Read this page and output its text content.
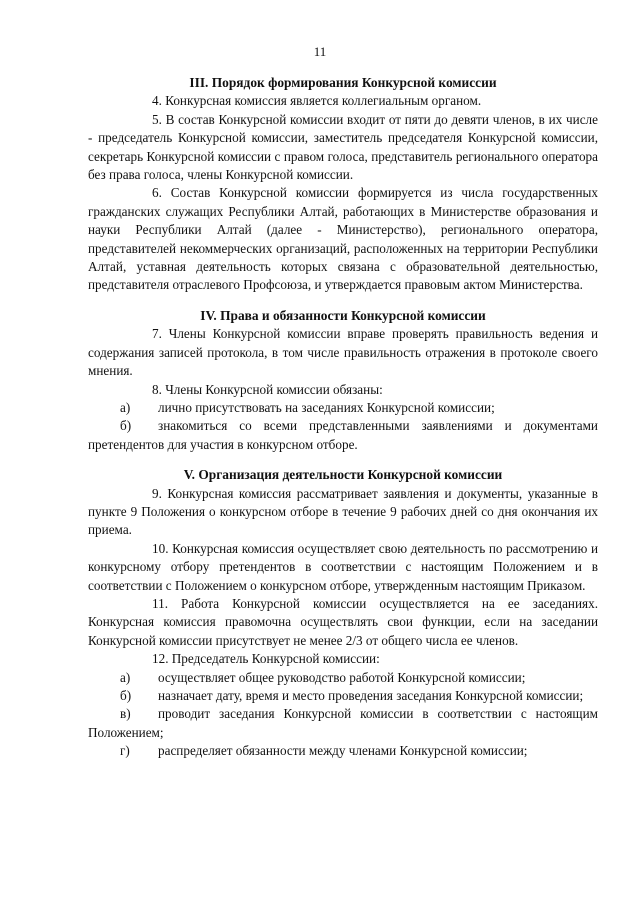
11
III. Порядок формирования Конкурсной комиссии

4. Конкурсная комиссия является коллегиальным органом.

5. В состав Конкурсной комиссии входит от пяти до девяти членов, в их числе - председатель Конкурсной комиссии, заместитель председателя Конкурсной комиссии, секретарь Конкурсной комиссии с правом голоса, представитель регионального оператора без права голоса, члены Конкурсной комиссии.

6. Состав Конкурсной комиссии формируется из числа государственных гражданских служащих Республики Алтай, работающих в Министерстве образования и науки Республики Алтай (далее - Министерство), регионального оператора, представителей некоммерческих организаций, расположенных на территории Республики Алтай, уставная деятельность которых связана с образовательной деятельностью, представителя отраслевого Профсоюза, и утверждается правовым актом Министерства.

IV. Права и обязанности Конкурсной комиссии

7. Члены Конкурсной комиссии вправе проверять правильность ведения и содержания записей протокола, в том числе правильность отражения в протоколе своего мнения.

8. Члены Конкурсной комиссии обязаны:

а) лично присутствовать на заседаниях Конкурсной комиссии;

б) знакомиться со всеми представленными заявлениями и документами претендентов для участия в конкурсном отборе.

V. Организация деятельности Конкурсной комиссии

9. Конкурсная комиссия рассматривает заявления и документы, указанные в пункте 9 Положения о конкурсном отборе в течение 9 рабочих дней со дня окончания их приема.

10. Конкурсная комиссия осуществляет свою деятельность по рассмотрению и конкурсному отбору претендентов в соответствии с настоящим Положением и в соответствии с Положением о конкурсном отборе, утвержденным настоящим Приказом.

11. Работа Конкурсной комиссии осуществляется на ее заседаниях. Конкурсная комиссия правомочна осуществлять свои функции, если на заседании Конкурсной комиссии присутствует не менее 2/3 от общего числа ее членов.

12. Председатель Конкурсной комиссии:

а) осуществляет общее руководство работой Конкурсной комиссии;

б) назначает дату, время и место проведения заседания Конкурсной комиссии;

в) проводит заседания Конкурсной комиссии в соответствии с настоящим Положением;

г) распределяет обязанности между членами Конкурсной комиссии;
